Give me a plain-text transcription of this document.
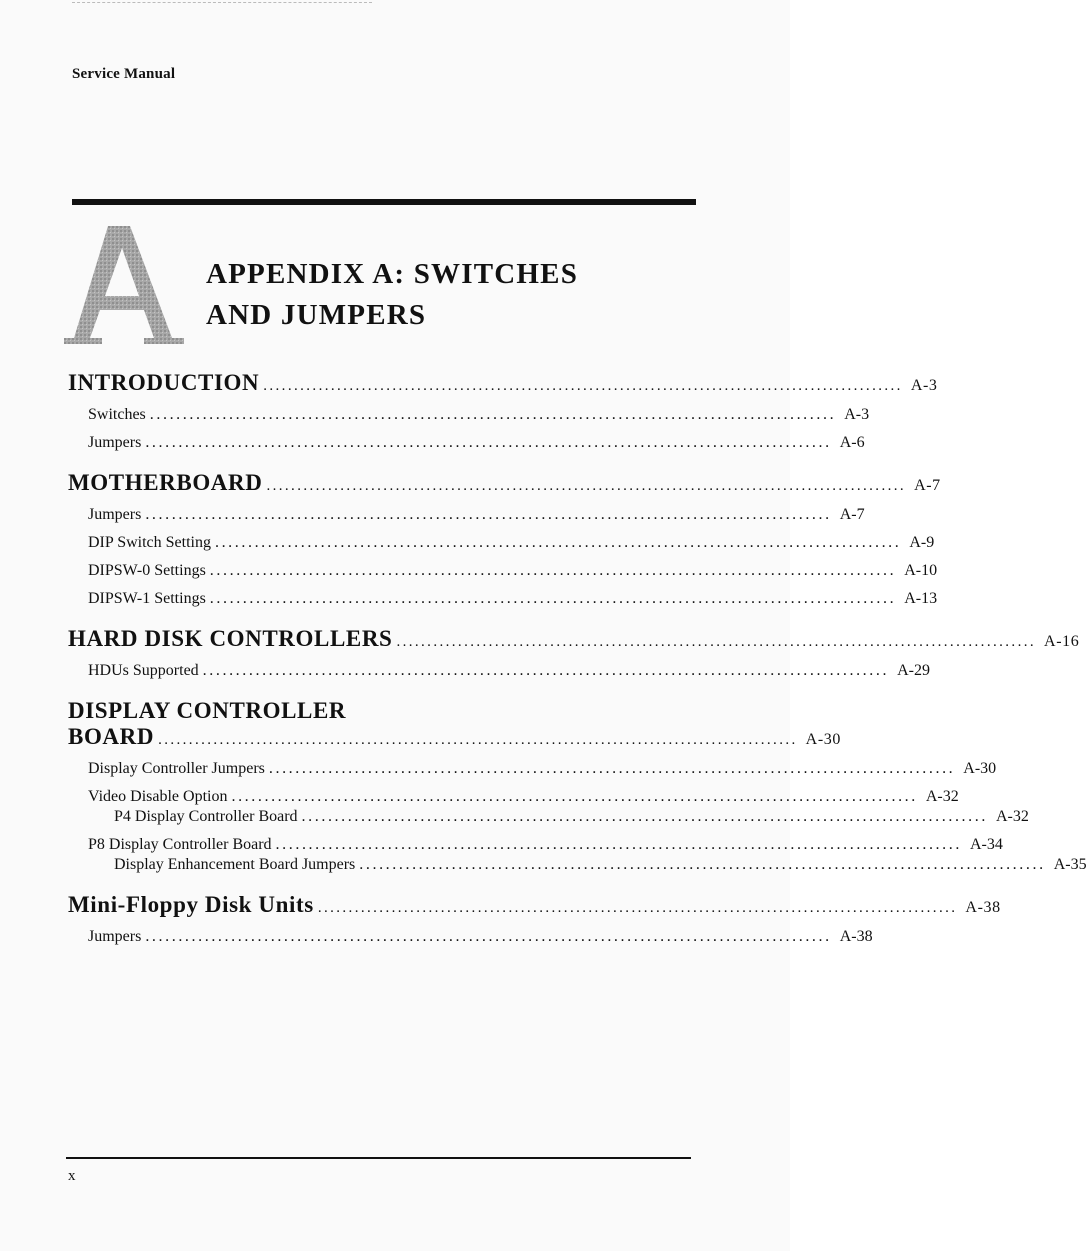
Service Manual
APPENDIX A: SWITCHES
AND JUMPERS
INTRODUCTION ........................................................................................................ A-3
Switches ........................................................................................................ A-3
Jumpers ........................................................................................................ A-6
MOTHERBOARD ........................................................................................................ A-7
Jumpers ........................................................................................................ A-7
DIP Switch Setting ........................................................................................................ A-9
DIPSW-0 Settings ........................................................................................................ A-10
DIPSW-1 Settings ........................................................................................................ A-13
HARD DISK CONTROLLERS ........................................................................................................ A-16
HDUs Supported ........................................................................................................ A-29
DISPLAY CONTROLLER
BOARD ........................................................................................................ A-30
Display Controller Jumpers ........................................................................................................ A-30
Video Disable Option ........................................................................................................ A-32
P4 Display Controller Board ........................................................................................................ A-32
P8 Display Controller Board ........................................................................................................ A-34
Display Enhancement Board Jumpers ........................................................................................................ A-35
Mini-Floppy Disk Units ........................................................................................................ A-38
Jumpers ........................................................................................................ A-38
x
